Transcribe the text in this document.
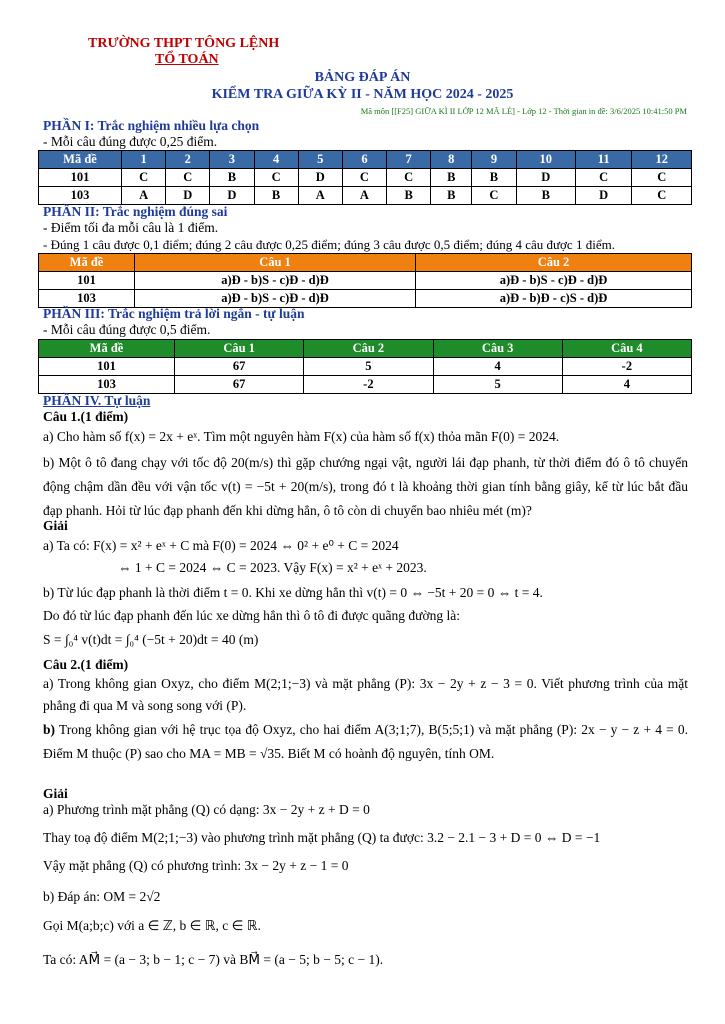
TRƯỜNG THPT TÔNG LỆNH
TỔ TOÁN
BẢNG ĐÁP ÁN
KIỂM TRA GIỮA KỲ II - NĂM HỌC 2024 - 2025
Mã môn [[F25] GIỮA KÌ II LỚP 12 MÃ LẺ] - Lớp 12 - Thời gian in đề: 3/6/2025 10:41:50 PM
PHẦN I: Trắc nghiệm nhiều lựa chọn
- Mỗi câu đúng được 0,25 điểm.
Mã đề	1	2	3	4	5	6	7	8	9	10	11	12
101	C	C	B	C	D	C	C	B	B	D	C	C
103	A	D	D	B	A	A	B	B	C	B	D	C
PHẦN II: Trắc nghiệm đúng sai
- Điểm tối đa mỗi câu là 1 điểm.
- Đúng 1 câu được 0,1 điểm; đúng 2 câu được 0,25 điểm; đúng 3 câu được 0,5 điểm; đúng 4 câu được 1 điểm.
Mã đề	Câu 1	Câu 2
101	a)Đ - b)S - c)Đ - d)Đ	a)Đ - b)S - c)Đ - d)Đ
103	a)Đ - b)S - c)Đ - d)Đ	a)Đ - b)Đ - c)S - d)Đ
PHẦN III: Trắc nghiệm trả lời ngắn - tự luận
- Mỗi câu đúng được 0,5 điểm.
Mã đề	Câu 1	Câu 2	Câu 3	Câu 4
101	67	5	4	-2
103	67	-2	5	4
PHẦN IV. Tự luận
Câu 1.(1 điểm)
a) Cho hàm số f(x) = 2x + eˣ. Tìm một nguyên hàm F(x) của hàm số f(x) thỏa mãn F(0) = 2024.
b) Một ô tô đang chạy với tốc độ 20(m/s) thì gặp chướng ngại vật, người lái đạp phanh, từ thời điểm đó ô tô chuyển động chậm dần đều với vận tốc v(t) = −5t + 20(m/s), trong đó t là khoảng thời gian tính bằng giây, kể từ lúc bắt đầu đạp phanh. Hỏi từ lúc đạp phanh đến khi dừng hẳn, ô tô còn di chuyển bao nhiêu mét (m)?
Giải
a) Ta có: F(x) = x² + eˣ + C mà F(0) = 2024 ⇔ 0² + e⁰ + C = 2024
⇔ 1 + C = 2024 ⇔ C = 2023. Vậy F(x) = x² + eˣ + 2023.
b) Từ lúc đạp phanh là thời điểm t = 0. Khi xe dừng hẳn thì v(t) = 0 ⇔ −5t + 20 = 0 ⇔ t = 4.
Do đó từ lúc đạp phanh đến lúc xe dừng hẳn thì ô tô đi được quãng đường là:
S = ∫₀⁴ v(t)dt = ∫₀⁴ (−5t + 20)dt = 40 (m)
Câu 2.(1 điểm)
a) Trong không gian Oxyz, cho điểm M(2;1;−3) và mặt phẳng (P): 3x − 2y + z − 3 = 0. Viết phương trình của mặt phẳng đi qua M và song song với (P).
b) Trong không gian với hệ trục tọa độ Oxyz, cho hai điểm A(3;1;7), B(5;5;1) và mặt phẳng (P): 2x − y − z + 4 = 0. Điểm M thuộc (P) sao cho MA = MB = √35. Biết M có hoành độ nguyên, tính OM.
Giải
a) Phương trình mặt phẳng (Q) có dạng: 3x − 2y + z + D = 0
Thay toạ độ điểm M(2;1;−3) vào phương trình mặt phẳng (Q) ta được: 3.2 − 2.1 − 3 + D = 0 ⇔ D = −1
Vậy mặt phẳng (Q) có phương trình: 3x − 2y + z − 1 = 0
b) Đáp án: OM = 2√2
Gọi M(a;b;c) với a ∈ ℤ, b ∈ ℝ, c ∈ ℝ.
Ta có: AM⃗ = (a − 3; b − 1; c − 7) và BM⃗ = (a − 5; b − 5; c − 1).
